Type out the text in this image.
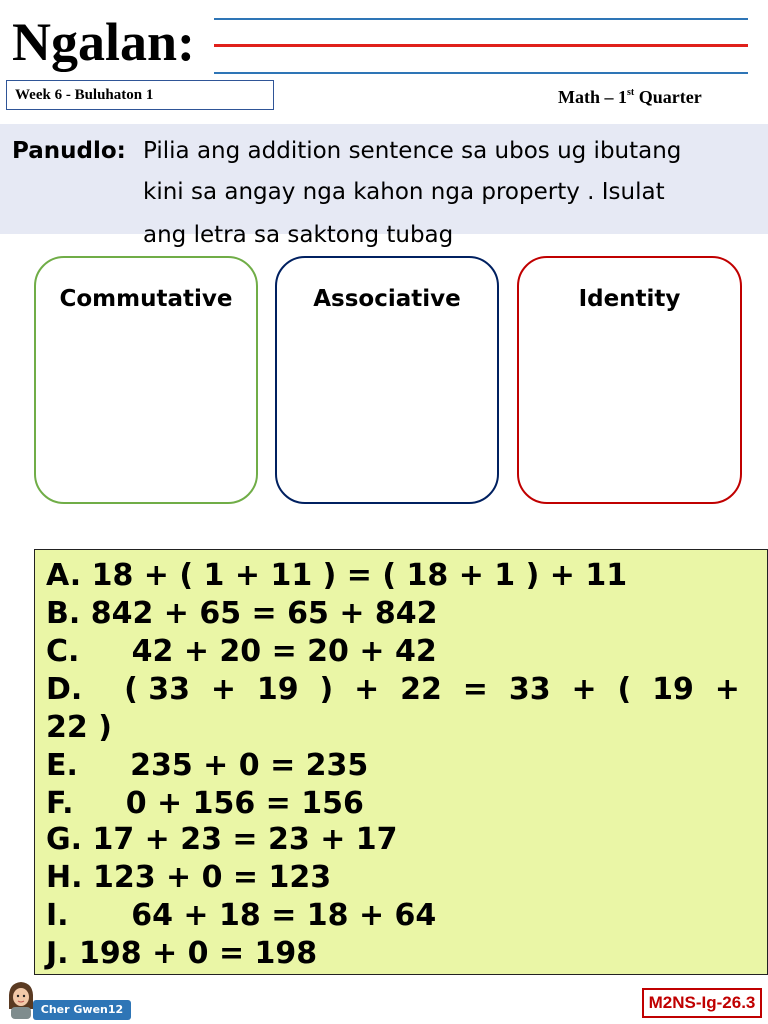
Ngalan:
Week 6 - Buluhaton 1	Math – 1st Quarter
Panudlo: Pilia ang addition sentence sa ubos ug ibutang
kini sa angay nga kahon nga property . Isulat
ang letra sa saktong tubag
Commutative	Associative	Identity
A. 18 + ( 1 + 11 ) = ( 18 + 1 ) + 11
B. 842 + 65 = 65 + 842
C.     42 + 20 = 20 + 42
D.    ( 33  +  19  )  +  22  =  33  +  (  19  +
22 )
E.     235 + 0 = 235
F.     0 + 156 = 156
G. 17 + 23 = 23 + 17
H. 123 + 0 = 123
I.      64 + 18 = 18 + 64
J. 198 + 0 = 198
Cher Gwen12	M2NS-Ig-26.3
